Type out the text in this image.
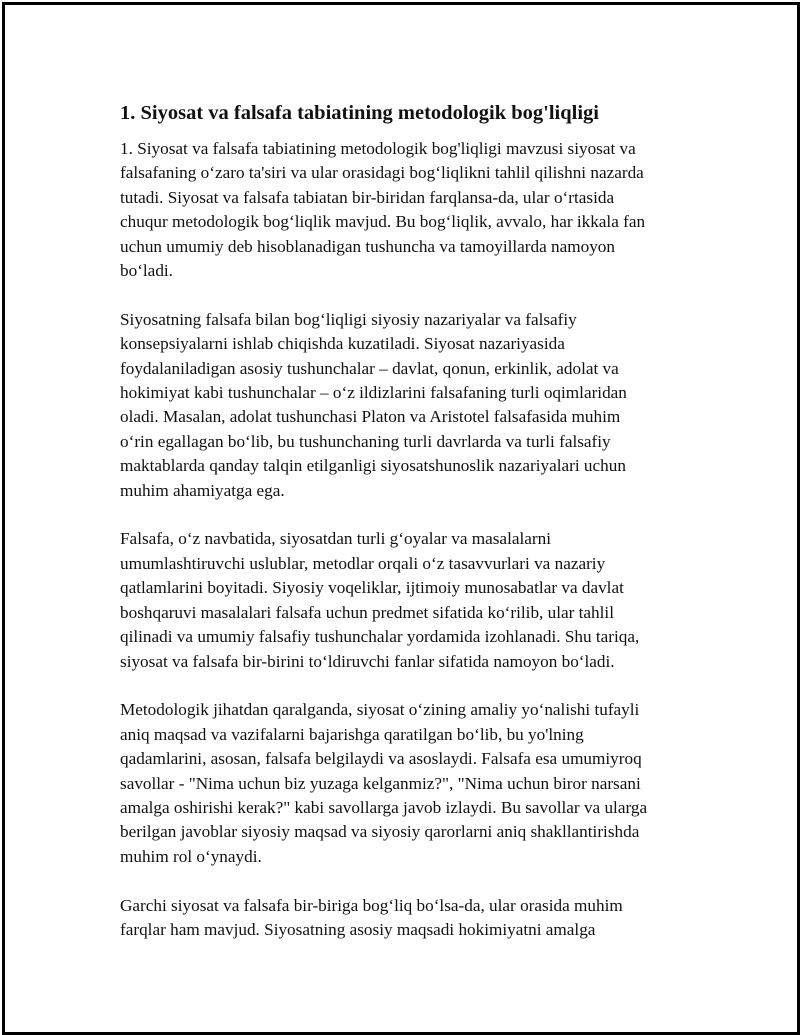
1. Siyosat va falsafa tabiatining metodologik bog'liqligi

1. Siyosat va falsafa tabiatining metodologik bog'liqligi mavzusi siyosat va
falsafaning o‘zaro ta'siri va ular orasidagi bog‘liqlikni tahlil qilishni nazarda
tutadi. Siyosat va falsafa tabiatan bir-biridan farqlansa-da, ular o‘rtasida
chuqur metodologik bog‘liqlik mavjud. Bu bog‘liqlik, avvalo, har ikkala fan
uchun umumiy deb hisoblanadigan tushuncha va tamoyillarda namoyon
bo‘ladi.

Siyosatning falsafa bilan bog‘liqligi siyosiy nazariyalar va falsafiy
konsepsiyalarni ishlab chiqishda kuzatiladi. Siyosat nazariyasida
foydalaniladigan asosiy tushunchalar – davlat, qonun, erkinlik, adolat va
hokimiyat kabi tushunchalar – o‘z ildizlarini falsafaning turli oqimlaridan
oladi. Masalan, adolat tushunchasi Platon va Aristotel falsafasida muhim
o‘rin egallagan bo‘lib, bu tushunchaning turli davrlarda va turli falsafiy
maktablarda qanday talqin etilganligi siyosatshunoslik nazariyalari uchun
muhim ahamiyatga ega.

Falsafa, o‘z navbatida, siyosatdan turli g‘oyalar va masalalarni
umumlashtiruvchi uslublar, metodlar orqali o‘z tasavvurlari va nazariy
qatlamlarini boyitadi. Siyosiy voqeliklar, ijtimoiy munosabatlar va davlat
boshqaruvi masalalari falsafa uchun predmet sifatida ko‘rilib, ular tahlil
qilinadi va umumiy falsafiy tushunchalar yordamida izohlanadi. Shu tariqa,
siyosat va falsafa bir-birini to‘ldiruvchi fanlar sifatida namoyon bo‘ladi.

Metodologik jihatdan qaralganda, siyosat o‘zining amaliy yo‘nalishi tufayli
aniq maqsad va vazifalarni bajarishga qaratilgan bo‘lib, bu yo'lning
qadamlarini, asosan, falsafa belgilaydi va asoslaydi. Falsafa esa umumiyroq
savollar - "Nima uchun biz yuzaga kelganmiz?", "Nima uchun biror narsani
amalga oshirishi kerak?" kabi savollarga javob izlaydi. Bu savollar va ularga
berilgan javoblar siyosiy maqsad va siyosiy qarorlarni aniq shakllantirishda
muhim rol o‘ynaydi.

Garchi siyosat va falsafa bir-biriga bog‘liq bo‘lsa-da, ular orasida muhim
farqlar ham mavjud. Siyosatning asosiy maqsadi hokimiyatni amalga
